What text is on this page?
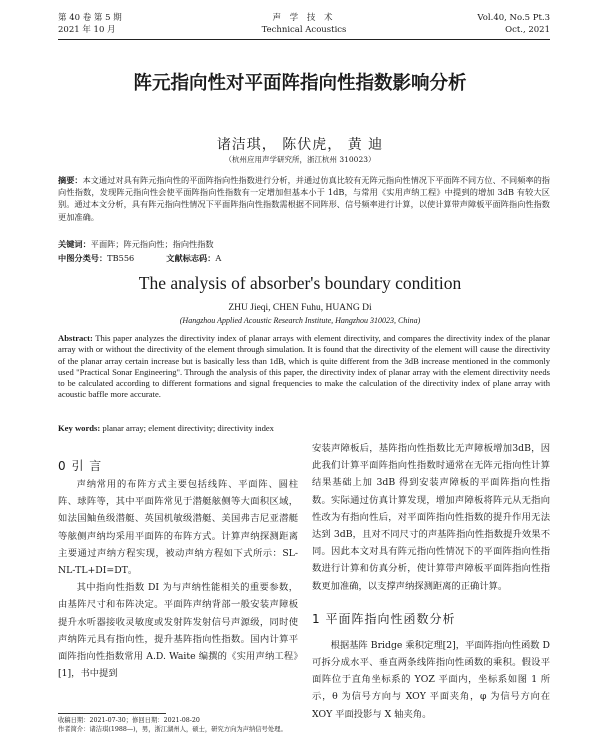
第 40 卷 第 5 期
2021 年 10 月
声 学 技 术
Technical Acoustics
Vol.40, No.5 Pt.3
Oct., 2021
阵元指向性对平面阵指向性指数影响分析
诸洁琪， 陈伏虎， 黄 迪
（杭州应用声学研究所，浙江杭州 310023）
摘要：本文通过对具有阵元指向性的平面阵指向性指数进行分析，并通过仿真比较有无阵元指向性情况下平面阵不同方位、不同频率的指向性指数，发现阵元指向性会使平面阵指向性指数有一定增加但基本小于 1dB，与常用《实用声纳工程》中提到的增加 3dB 有较大区别。通过本文分析，具有阵元指向性情况下平面阵指向性指数需根据不同阵形、信号频率进行计算，以使计算带声障板平面阵指向性指数更加准确。
关键词：平面阵；阵元指向性；指向性指数
中图分类号：TB556	文献标志码：A
The analysis of absorber's boundary condition
ZHU Jieqi, CHEN Fuhu, HUANG Di
(Hangzhou Applied Acoustic Research Institute, Hangzhou 310023, China)
Abstract: This paper analyzes the directivity index of planar arrays with element directivity, and compares the directivity index of the planar array with or without the directivity of the element through simulation. It is found that the directivity of the element will cause the directivity of the planar array certain increase but is basically less than 1dB, which is quite different from the 3dB increase mentioned in the commonly used "Practical Sonar Engineering". Through the analysis of this paper, the directivity index of planar array with the element directivity needs to be calculated according to different formations and signal frequencies to make the calculation of the directivity index of plane array with acoustic baffle more accurate.
Key words: planar array; element directivity; directivity index
0 引 言

声纳常用的布阵方式主要包括线阵、平面阵、圆柱阵、球阵等，其中平面阵常见于潜艇舷侧等大面积区域，如法国鲉鱼级潜艇、英国机敏级潜艇、美国弗吉尼亚潜艇等舷侧声纳均采用平面阵的布阵方式。计算声纳探测距离主要通过声纳方程实现，被动声纳方程如下式所示：SL-NL-TL+DI=DT。

其中指向性指数 DI 为与声纳性能相关的重要参数，由基阵尺寸和布阵决定。平面阵声纳背部一般安装声障板提升水听器接收灵敏度或发射阵发射信号声源级，同时使声纳阵元具有指向性，提升基阵指向性指数。国内计算平面阵指向性指数常用 A.D. Waite 编撰的《实用声纳工程》[1]，书中提到

安装声障板后，基阵指向性指数比无声障板增加3dB，因此我们计算平面阵指向性指数时通常在无阵元指向性计算结果基础上加 3dB 得到安装声障板的平面阵指向性指数。实际通过仿真计算发现，增加声障板将阵元从无指向性改为有指向性后，对平面阵指向性指数的提升作用无法达到 3dB，且对不同尺寸的声基阵指向性指数提升效果不同。因此本文对具有阵元指向性情况下的平面阵指向性指数进行计算和仿真分析，使计算带声障板平面阵指向性指数更加准确，以支撑声纳探测距离的正确计算。

1 平面阵指向性函数分析

根据基阵 Bridge 乘积定理[2]，平面阵指向性函数 D 可拆分成水平、垂直两条线阵指向性函数的乘积。假设平面阵位于直角坐标系的 YOZ 平面内，坐标系如图 1 所示，θ 为信号方向与 XOY 平面夹角，φ 为信号方向在 XOY 平面投影与 X 轴夹角。

收稿日期：2021-07-30；修回日期：2021-08-20
作者简介：诸洁琪(1988—)，男，浙江湖州人，硕士，研究方向为声纳信号处理。
